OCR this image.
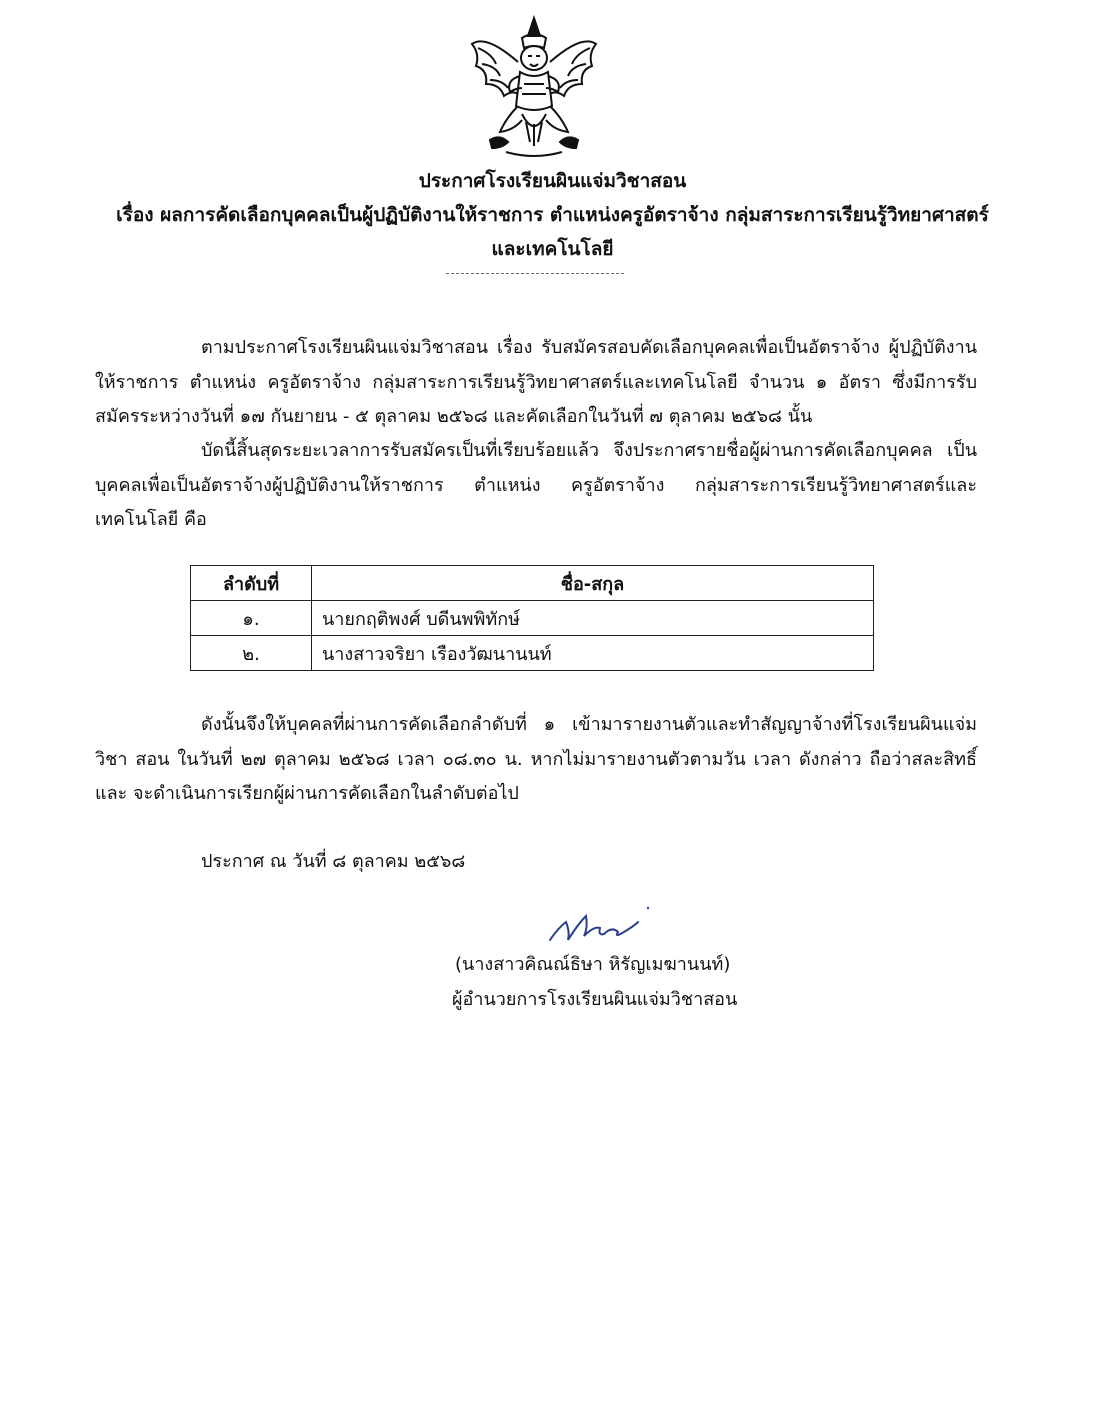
ประกาศโรงเรียนผินแจ่มวิชาสอน
เรื่อง ผลการคัดเลือกบุคคลเป็นผู้ปฏิบัติงานให้ราชการ ตำแหน่งครูอัตราจ้าง กลุ่มสาระการเรียนรู้วิทยาศาสตร์
และเทคโนโลยี
ตามประกาศโรงเรียนผินแจ่มวิชาสอน เรื่อง รับสมัครสอบคัดเลือกบุคคลเพื่อเป็นอัตราจ้าง ผู้ปฏิบัติงานให้ราชการ ตำแหน่ง ครูอัตราจ้าง กลุ่มสาระการเรียนรู้วิทยาศาสตร์และเทคโนโลยี จำนวน ๑ อัตรา ซึ่งมีการรับสมัครระหว่างวันที่ ๑๗ กันยายน - ๕ ตุลาคม ๒๕๖๘ และคัดเลือกในวันที่ ๗ ตุลาคม ๒๕๖๘ นั้น
บัดนี้สิ้นสุดระยะเวลาการรับสมัครเป็นที่เรียบร้อยแล้ว จึงประกาศรายชื่อผู้ผ่านการคัดเลือกบุคคล เป็นบุคคลเพื่อเป็นอัตราจ้างผู้ปฏิบัติงานให้ราชการ ตำแหน่ง ครูอัตราจ้าง กลุ่มสาระการเรียนรู้วิทยาศาสตร์และ เทคโนโลยี คือ
ลำดับที่	ชื่อ-สกุล
๑.	นายกฤติพงศ์ บดีนพพิทักษ์
๒.	นางสาวจริยา เรืองวัฒนานนท์
ดังนั้นจึงให้บุคคลที่ผ่านการคัดเลือกลำดับที่ ๑ เข้ามารายงานตัวและทำสัญญาจ้างที่โรงเรียนผินแจ่มวิชา สอน ในวันที่ ๒๗ ตุลาคม ๒๕๖๘ เวลา ๐๘.๓๐ น. หากไม่มารายงานตัวตามวัน เวลา ดังกล่าว ถือว่าสละสิทธิ์ และ จะดำเนินการเรียกผู้ผ่านการคัดเลือกในลำดับต่อไป
ประกาศ ณ วันที่ ๘ ตุลาคม ๒๕๖๘
(นางสาวคิณณ์ธิษา หิรัญเมฆานนท์)
ผู้อำนวยการโรงเรียนผินแจ่มวิชาสอน
